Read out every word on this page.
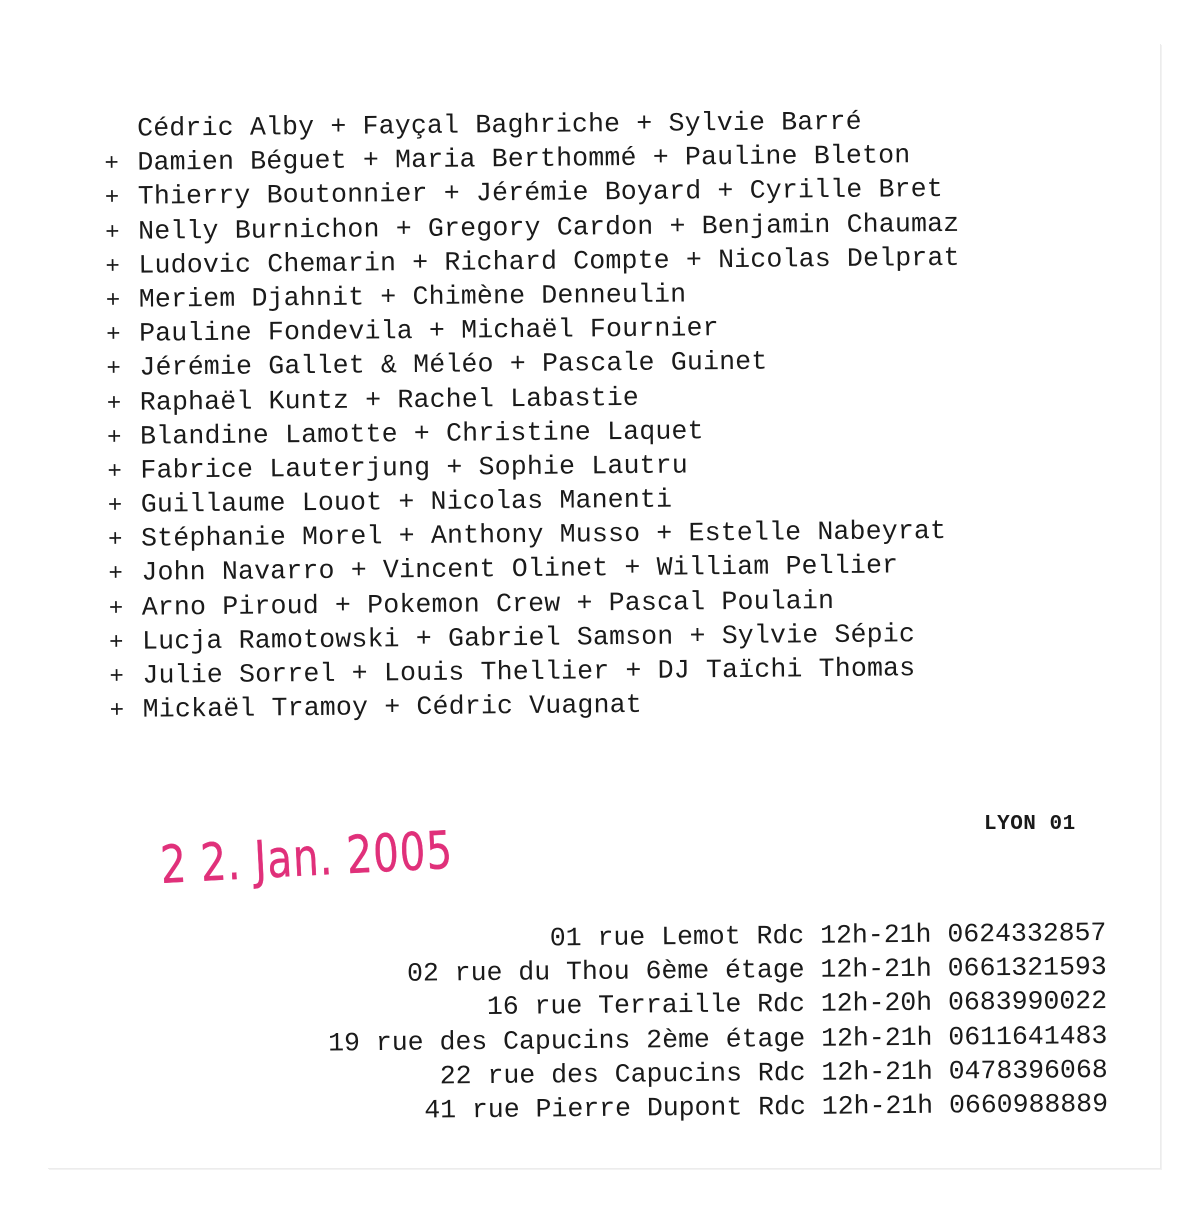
Cédric Alby + Fayçal Baghriche + Sylvie Barré
+ Damien Béguet + Maria Berthommé + Pauline Bleton
+ Thierry Boutonnier + Jérémie Boyard + Cyrille Bret
+ Nelly Burnichon + Gregory Cardon + Benjamin Chaumaz
+ Ludovic Chemarin + Richard Compte + Nicolas Delprat
+ Meriem Djahnit + Chimène Denneulin
+ Pauline Fondevila + Michaël Fournier
+ Jérémie Gallet & Méléo + Pascale Guinet
+ Raphaël Kuntz + Rachel Labastie
+ Blandine Lamotte + Christine Laquet
+ Fabrice Lauterjung + Sophie Lautru
+ Guillaume Louot + Nicolas Manenti
+ Stéphanie Morel + Anthony Musso + Estelle Nabeyrat
+ John Navarro + Vincent Olinet + William Pellier
+ Arno Piroud + Pokemon Crew + Pascal Poulain
+ Lucja Ramotowski + Gabriel Samson + Sylvie Sépic
+ Julie Sorrel + Louis Thellier + DJ Taïchi Thomas
+ Mickaël Tramoy + Cédric Vuagnat
LYON 01
2 2. Jan. 2005
01 rue Lemot Rdc 12h-21h 0624332857
02 rue du Thou 6ème étage 12h-21h 0661321593
16 rue Terraille Rdc 12h-20h 0683990022
19 rue des Capucins 2ème étage 12h-21h 0611641483
22 rue des Capucins Rdc 12h-21h 0478396068
41 rue Pierre Dupont Rdc 12h-21h 0660988889
